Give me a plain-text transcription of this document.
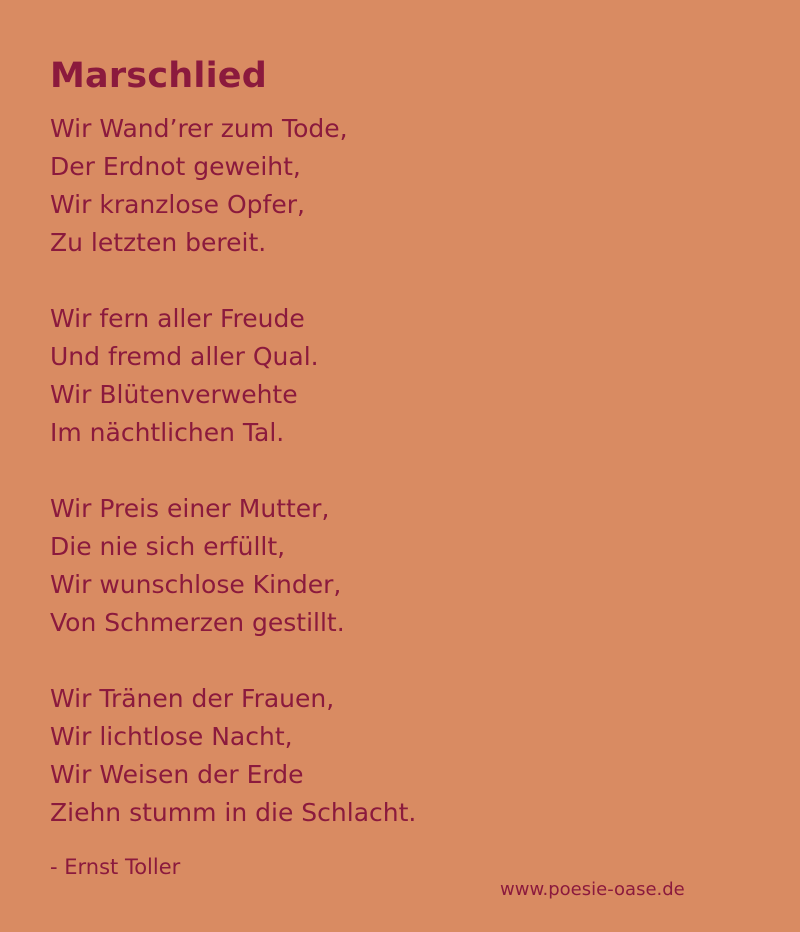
Marschlied
Wir Wand’rer zum Tode,
Der Erdnot geweiht,
Wir kranzlose Opfer,
Zu letzten bereit.
Wir fern aller Freude
Und fremd aller Qual.
Wir Blütenverwehte
Im nächtlichen Tal.
Wir Preis einer Mutter,
Die nie sich erfüllt,
Wir wunschlose Kinder,
Von Schmerzen gestillt.
Wir Tränen der Frauen,
Wir lichtlose Nacht,
Wir Weisen der Erde
Ziehn stumm in die Schlacht.
- Ernst Toller
www.poesie-oase.de
